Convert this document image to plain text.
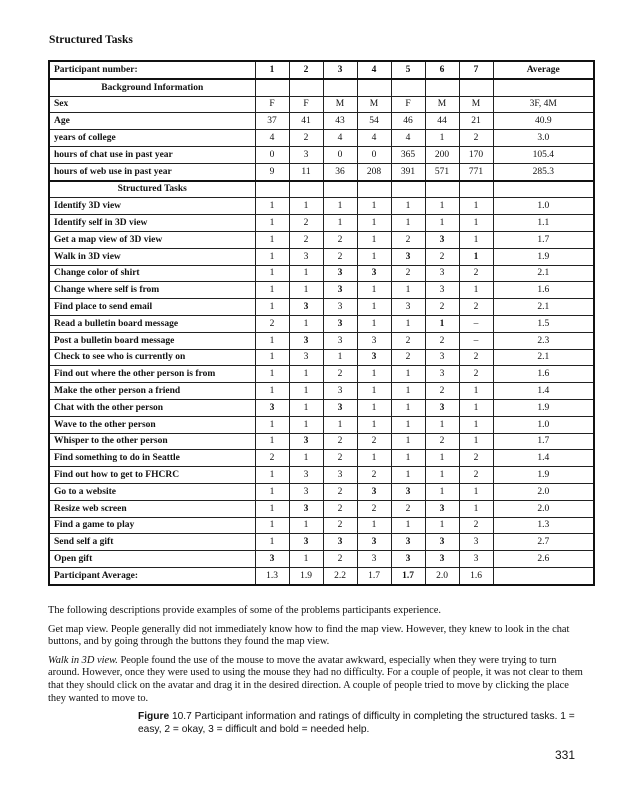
Structured Tasks
Participant number:	1	2	3	4	5	6	7	Average
Background Information								
Sex	F	F	M	M	F	M	M	3F, 4M
Age	37	41	43	54	46	44	21	40.9
years of college	4	2	4	4	4	1	2	3.0
hours of chat use in past year	0	3	0	0	365	200	170	105.4
hours of web use in past year	9	11	36	208	391	571	771	285.3
Structured Tasks								
Identify 3D view	1	1	1	1	1	1	1	1.0
Identify self in 3D view	1	2	1	1	1	1	1	1.1
Get a map view of 3D view	1	2	2	1	2	3	1	1.7
Walk in 3D view	1	3	2	1	3	2	1	1.9
Change color of shirt	1	1	3	3	2	3	2	2.1
Change where self is from	1	1	3	1	1	3	1	1.6
Find place to send email	1	3	3	1	3	2	2	2.1
Read a bulletin board message	2	1	3	1	1	1	–	1.5
Post a bulletin board message	1	3	3	3	2	2	–	2.3
Check to see who is currently on	1	3	1	3	2	3	2	2.1
Find out where the other person is from	1	1	2	1	1	3	2	1.6
Make the other person a friend	1	1	3	1	1	2	1	1.4
Chat with the other person	3	1	3	1	1	3	1	1.9
Wave to the other person	1	1	1	1	1	1	1	1.0
Whisper to the other person	1	3	2	2	1	2	1	1.7
Find something to do in Seattle	2	1	2	1	1	1	2	1.4
Find out how to get to FHCRC	1	3	3	2	1	1	2	1.9
Go to a website	1	3	2	3	3	1	1	2.0
Resize web screen	1	3	2	2	2	3	1	2.0
Find a game to play	1	1	2	1	1	1	2	1.3
Send self a gift	1	3	3	3	3	3	3	2.7
Open gift	3	1	2	3	3	3	3	2.6
Participant Average:	1.3	1.9	2.2	1.7	1.7	2.0	1.6	

The following descriptions provide examples of some of the problems participants experience.

Get map view. People generally did not immediately know how to find the map view. However, they knew to look in the chat buttons, and by going through the buttons they found the map view.

Walk in 3D view. People found the use of the mouse to move the avatar awkward, especially when they were trying to turn around. However, once they were used to using the mouse they had no difficulty. For a couple of people, it was not clear to them that they should click on the avatar and drag it in the desired direction. A couple of people tried to move by clicking the place they wanted to move to.

Figure 10.7 Participant information and ratings of difficulty in completing the structured tasks. 1 = easy, 2 = okay, 3 = difficult and bold = needed help.
331
